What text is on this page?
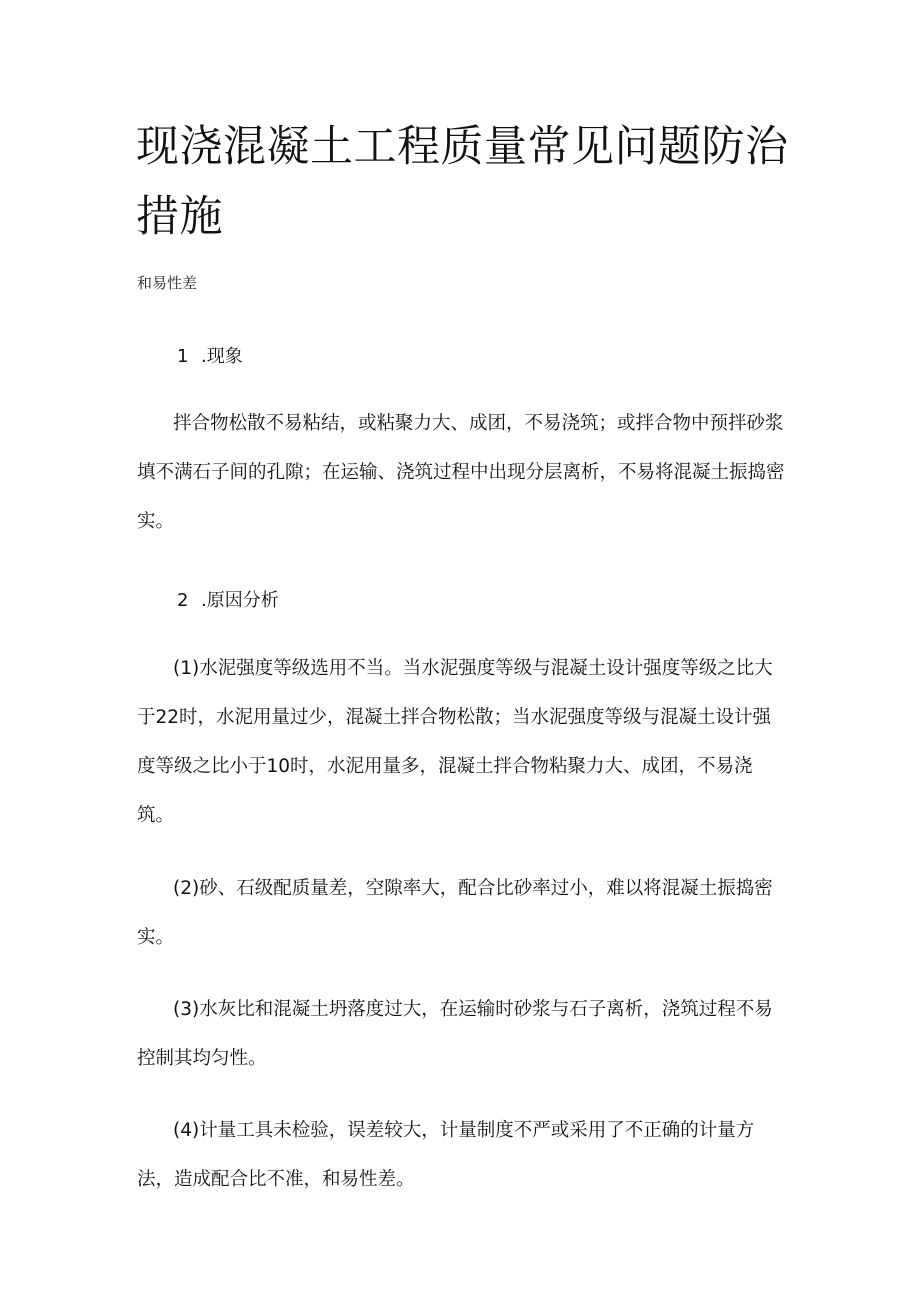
现浇混凝土工程质量常见问题防治措施
和易性差
1 .现象

拌合物松散不易粘结，或粘聚力大、成团，不易浇筑；或拌合物中预拌砂浆填不满石子间的孔隙；在运输、浇筑过程中出现分层离析，不易将混凝土振捣密实。

2 .原因分析

(1)水泥强度等级选用不当。当水泥强度等级与混凝土设计强度等级之比大于22时，水泥用量过少，混凝土拌合物松散；当水泥强度等级与混凝土设计强度等级之比小于10时，水泥用量多，混凝土拌合物粘聚力大、成团，不易浇筑。

(2)砂、石级配质量差，空隙率大，配合比砂率过小，难以将混凝土振捣密实。

(3)水灰比和混凝土坍落度过大，在运输时砂浆与石子离析，浇筑过程不易控制其均匀性。

(4)计量工具未检验，误差较大，计量制度不严或采用了不正确的计量方法，造成配合比不准，和易性差。
